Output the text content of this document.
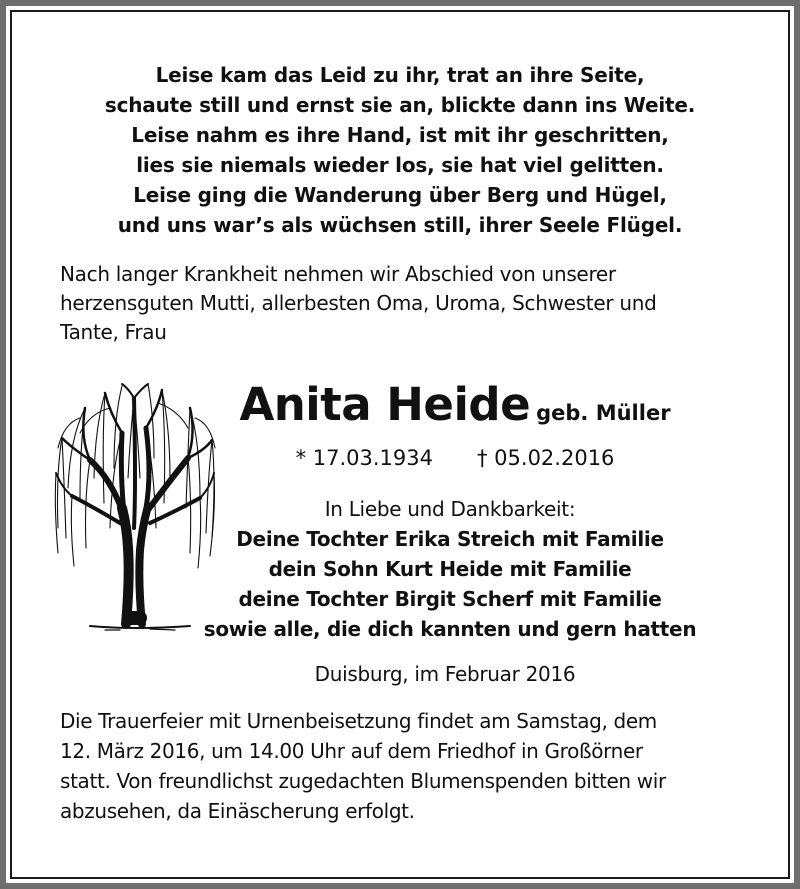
Leise kam das Leid zu ihr, trat an ihre Seite,
schaute still und ernst sie an, blickte dann ins Weite.
Leise nahm es ihre Hand, ist mit ihr geschritten,
lies sie niemals wieder los, sie hat viel gelitten.
Leise ging die Wanderung über Berg und Hügel,
und uns war’s als wüchsen still, ihrer Seele Flügel.
Nach langer Krankheit nehmen wir Abschied von unserer
herzensguten Mutti, allerbesten Oma, Uroma, Schwester und
Tante, Frau
Anita Heide geb. Müller
* 17.03.1934 † 05.02.2016
In Liebe und Dankbarkeit:
Deine Tochter Erika Streich mit Familie
dein Sohn Kurt Heide mit Familie
deine Tochter Birgit Scherf mit Familie
sowie alle, die dich kannten und gern hatten
Duisburg, im Februar 2016
Die Trauerfeier mit Urnenbeisetzung findet am Samstag, dem
12. März 2016, um 14.00 Uhr auf dem Friedhof in Großörner
statt. Von freundlichst zugedachten Blumenspenden bitten wir
abzusehen, da Einäscherung erfolgt.
